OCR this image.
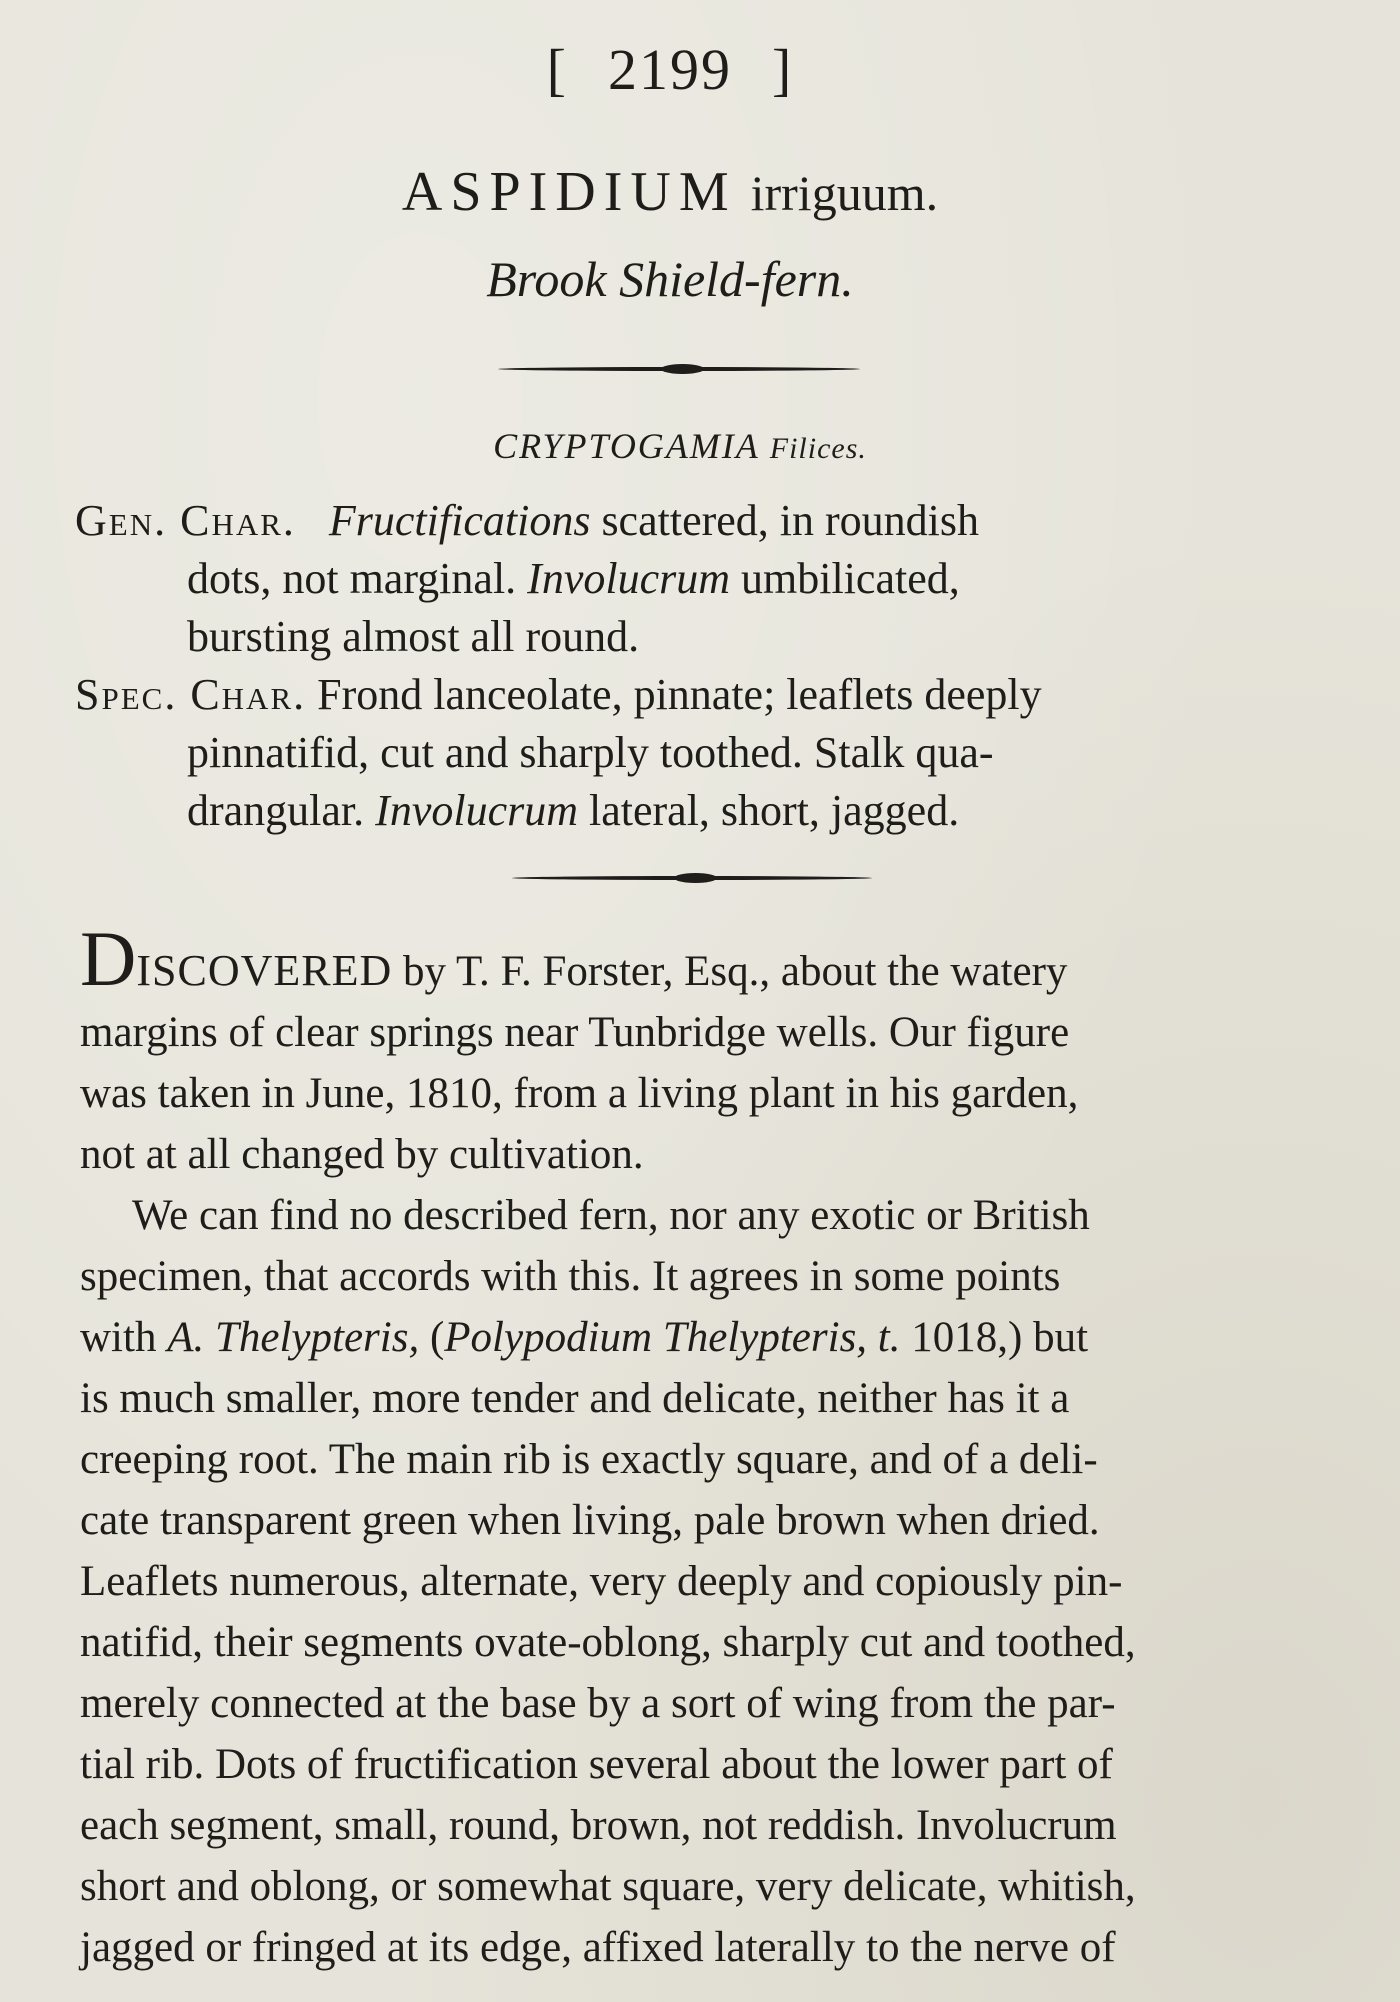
[ 2199 ]
ASPIDIUM irriguum.
Brook Shield-fern.
CRYPTOGAMIA Filices.
Gen. Char. Fructifications scattered, in roundish
dots, not marginal. Involucrum umbilicated,
bursting almost all round.
Spec. Char. Frond lanceolate, pinnate; leaflets deeply
pinnatifid, cut and sharply toothed. Stalk qua-
drangular. Involucrum lateral, short, jagged.

DISCOVERED by T. F. Forster, Esq., about the watery
margins of clear springs near Tunbridge wells. Our figure
was taken in June, 1810, from a living plant in his garden,
not at all changed by cultivation.

We can find no described fern, nor any exotic or British
specimen, that accords with this. It agrees in some points
with A. Thelypteris, (Polypodium Thelypteris, t. 1018,) but
is much smaller, more tender and delicate, neither has it a
creeping root. The main rib is exactly square, and of a deli-
cate transparent green when living, pale brown when dried.
Leaflets numerous, alternate, very deeply and copiously pin-
natifid, their segments ovate-oblong, sharply cut and toothed,
merely connected at the base by a sort of wing from the par-
tial rib. Dots of fructification several about the lower part of
each segment, small, round, brown, not reddish. Involucrum
short and oblong, or somewhat square, very delicate, whitish,
jagged or fringed at its edge, affixed laterally to the nerve of
